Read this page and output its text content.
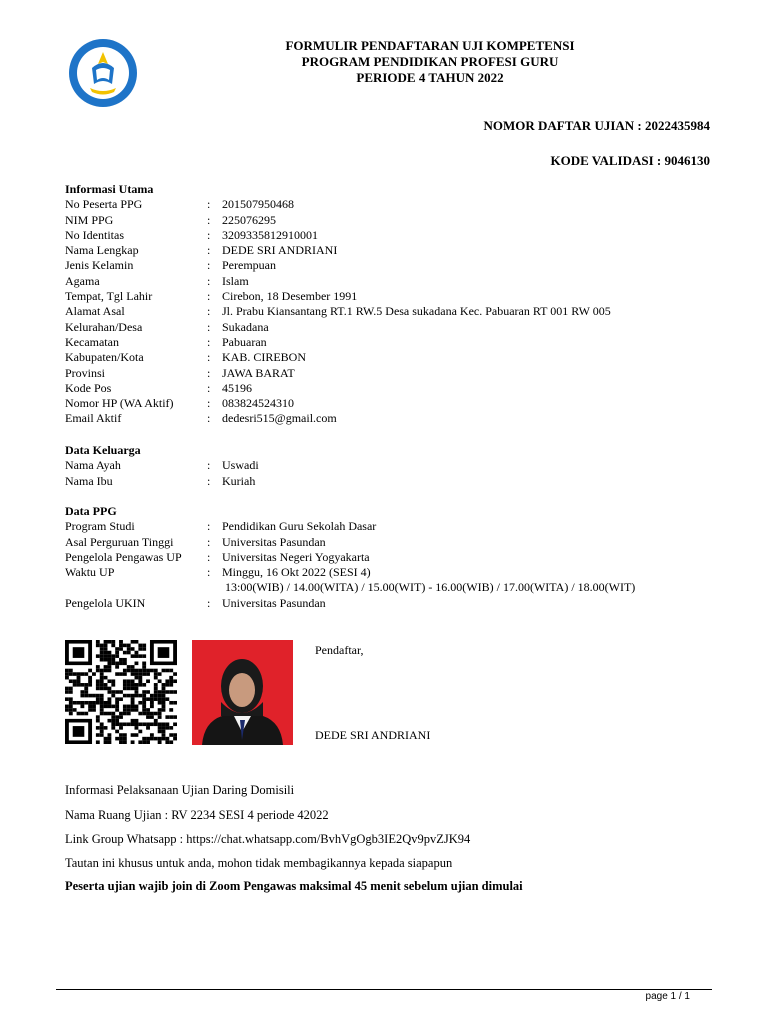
FORMULIR PENDAFTARAN UJI KOMPETENSI
PROGRAM PENDIDIKAN PROFESI GURU
PERIODE 4 TAHUN 2022
NOMOR DAFTAR UJIAN : 2022435984
KODE VALIDASI : 9046130
Informasi Utama
No Peserta PPG	: 201507950468
NIM PPG	: 225076295
No Identitas	: 3209335812910001
Nama Lengkap	: DEDE SRI ANDRIANI
Jenis Kelamin	: Perempuan
Agama	: Islam
Tempat, Tgl Lahir	: Cirebon, 18 Desember 1991
Alamat Asal	: Jl. Prabu Kiansantang RT.1 RW.5 Desa sukadana Kec. Pabuaran RT 001 RW 005
Kelurahan/Desa	: Sukadana
Kecamatan	: Pabuaran
Kabupaten/Kota	: KAB. CIREBON
Provinsi	: JAWA BARAT
Kode Pos	: 45196
Nomor HP (WA Aktif)	: 083824524310
Email Aktif	: dedesri515@gmail.com
Data Keluarga
Nama Ayah	: Uswadi
Nama Ibu	: Kuriah
Data PPG
Program Studi	: Pendidikan Guru Sekolah Dasar
Asal Perguruan Tinggi	: Universitas Pasundan
Pengelola Pengawas UP	: Universitas Negeri Yogyakarta
Waktu UP	: Minggu, 16 Okt 2022 (SESI 4)
13:00(WIB) / 14.00(WITA) / 15.00(WIT) - 16.00(WIB) / 17.00(WITA) / 18.00(WIT)
Pengelola UKIN	: Universitas Pasundan
Pendaftar,
DEDE SRI ANDRIANI
Informasi Pelaksanaan Ujian Daring Domisili
Nama Ruang Ujian : RV 2234 SESI 4 periode 42022
Link Group Whatsapp : https://chat.whatsapp.com/BvhVgOgb3IE2Qv9pvZJK94
Tautan ini khusus untuk anda, mohon tidak membagikannya kepada siapapun
Peserta ujian wajib join di Zoom Pengawas maksimal 45 menit sebelum ujian dimulai
page 1 / 1
